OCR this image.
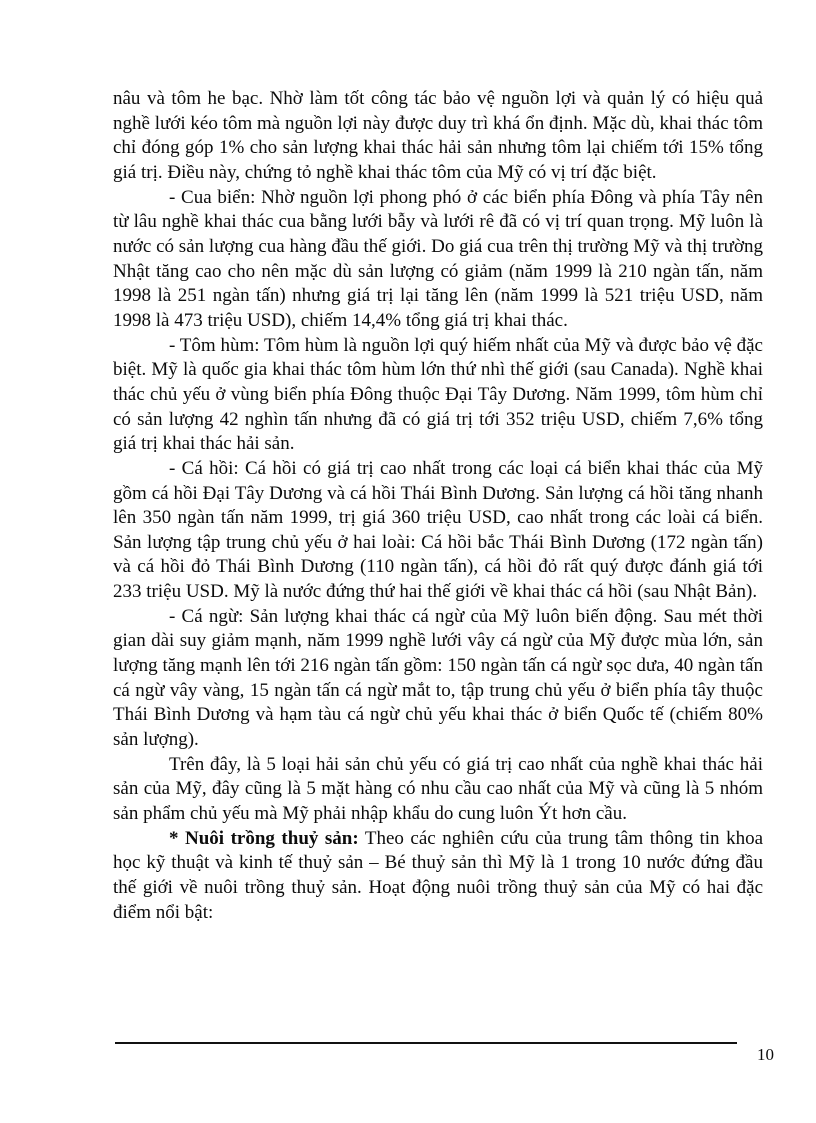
nâu và tôm he bạc. Nhờ làm tốt công tác bảo vệ nguồn lợi và quản lý có hiệu quả nghề lưới kéo tôm mà nguồn lợi này được duy trì khá ổn định. Mặc dù, khai thác tôm chỉ đóng góp 1% cho sản lượng khai thác hải sản nhưng tôm lại chiếm tới 15% tổng giá trị. Điều này, chứng tỏ nghề khai thác tôm của Mỹ có vị trí đặc biệt.

- Cua biển: Nhờ nguồn lợi phong phó ở các biển phía Đông và phía Tây nên từ lâu nghề khai thác cua bằng lưới bẫy và lưới rê đã có vị trí quan trọng. Mỹ luôn là nước có sản lượng cua hàng đầu thế giới. Do giá cua trên thị trường Mỹ và thị trường Nhật tăng cao cho nên mặc dù sản lượng có giảm (năm 1999 là 210 ngàn tấn, năm 1998 là 251 ngàn tấn) nhưng giá trị lại tăng lên (năm 1999 là 521 triệu USD, năm 1998 là 473 triệu USD), chiếm 14,4% tổng giá trị khai thác.

- Tôm hùm: Tôm hùm là nguồn lợi quý hiếm nhất của Mỹ và được bảo vệ đặc biệt. Mỹ là quốc gia khai thác tôm hùm lớn thứ nhì thế giới (sau Canada). Nghề khai thác chủ yếu ở vùng biển phía Đông thuộc Đại Tây Dương. Năm 1999, tôm hùm chỉ có sản lượng 42 nghìn tấn nhưng đã có giá trị tới 352 triệu USD, chiếm 7,6% tổng giá trị khai thác hải sản.

- Cá hồi: Cá hồi có giá trị cao nhất trong các loại cá biển khai thác của Mỹ gồm cá hồi Đại Tây Dương và cá hồi Thái Bình Dương. Sản lượng cá hồi tăng nhanh lên 350 ngàn tấn năm 1999, trị giá 360 triệu USD, cao nhất trong các loài cá biển. Sản lượng tập trung chủ yếu ở hai loài: Cá hồi bắc Thái Bình Dương (172 ngàn tấn) và cá hồi đỏ Thái Bình Dương (110 ngàn tấn), cá hồi đỏ rất quý được đánh giá tới 233 triệu USD. Mỹ là nước đứng thứ hai thế giới về khai thác cá hồi (sau Nhật Bản).

- Cá ngừ: Sản lượng khai thác cá ngừ của Mỹ luôn biến động. Sau mét thời gian dài suy giảm mạnh, năm 1999 nghề lưới vây cá ngừ của Mỹ được mùa lớn, sản lượng tăng mạnh lên tới 216 ngàn tấn gồm: 150 ngàn tấn cá ngừ sọc dưa, 40 ngàn tấn cá ngừ vây vàng, 15 ngàn tấn cá ngừ mắt to, tập trung chủ yếu ở biển phía tây thuộc Thái Bình Dương và hạm tàu cá ngừ chủ yếu khai thác ở biển Quốc tế (chiếm 80% sản lượng).

Trên đây, là 5 loại hải sản chủ yếu có giá trị cao nhất của nghề khai thác hải sản của Mỹ, đây cũng là 5 mặt hàng có nhu cầu cao nhất của Mỹ và cũng là 5 nhóm sản phẩm chủ yếu mà Mỹ phải nhập khẩu do cung luôn Ýt hơn cầu.

* Nuôi trồng thuỷ sản: Theo các nghiên cứu của trung tâm thông tin khoa học kỹ thuật và kinh tế thuỷ sản – Bé thuỷ sản thì Mỹ là 1 trong 10 nước đứng đầu thế giới về nuôi trồng thuỷ sản. Hoạt động nuôi trồng thuỷ sản của Mỹ có hai đặc điểm nổi bật:

10
